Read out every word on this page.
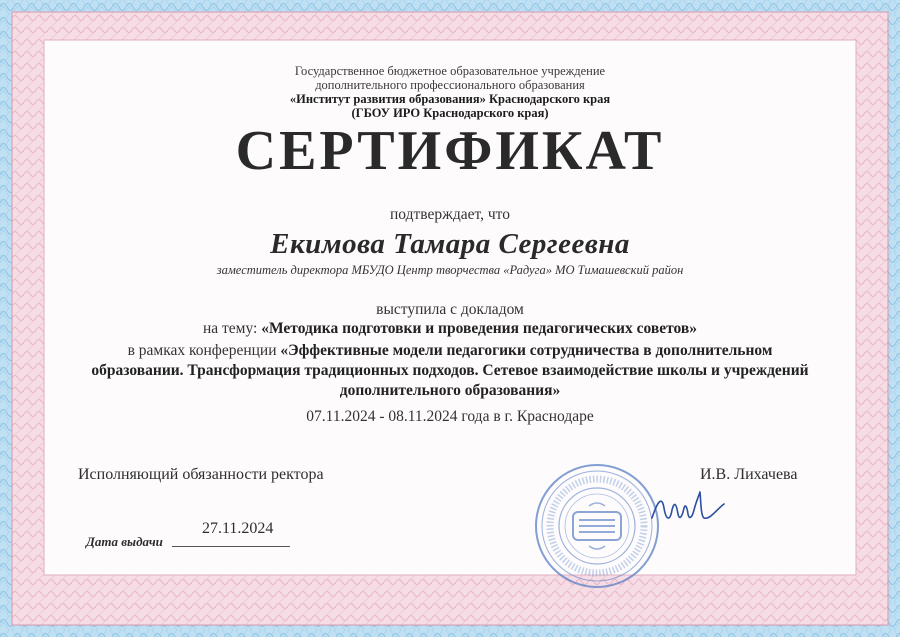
Государственное бюджетное образовательное учреждение
дополнительного профессионального образования
«Институт развития образования» Краснодарского края
(ГБОУ ИРО Краснодарского края)
СЕРТИФИКАТ
подтверждает, что
Екимова Тамара Сергеевна
заместитель директора МБУДО Центр творчества «Радуга» МО Тимашевский район
выступила с докладом
на тему: «Методика подготовки и проведения педагогических советов»
в рамках конференции «Эффективные модели педагогики сотрудничества в дополнительном образовании. Трансформация традиционных подходов. Сетевое взаимодействие школы и учреждений дополнительного образования»
07.11.2024 - 08.11.2024 года в г. Краснодаре
Исполняющий обязанности ректора	И.В. Лихачева
27.11.2024
Дата выдачи
